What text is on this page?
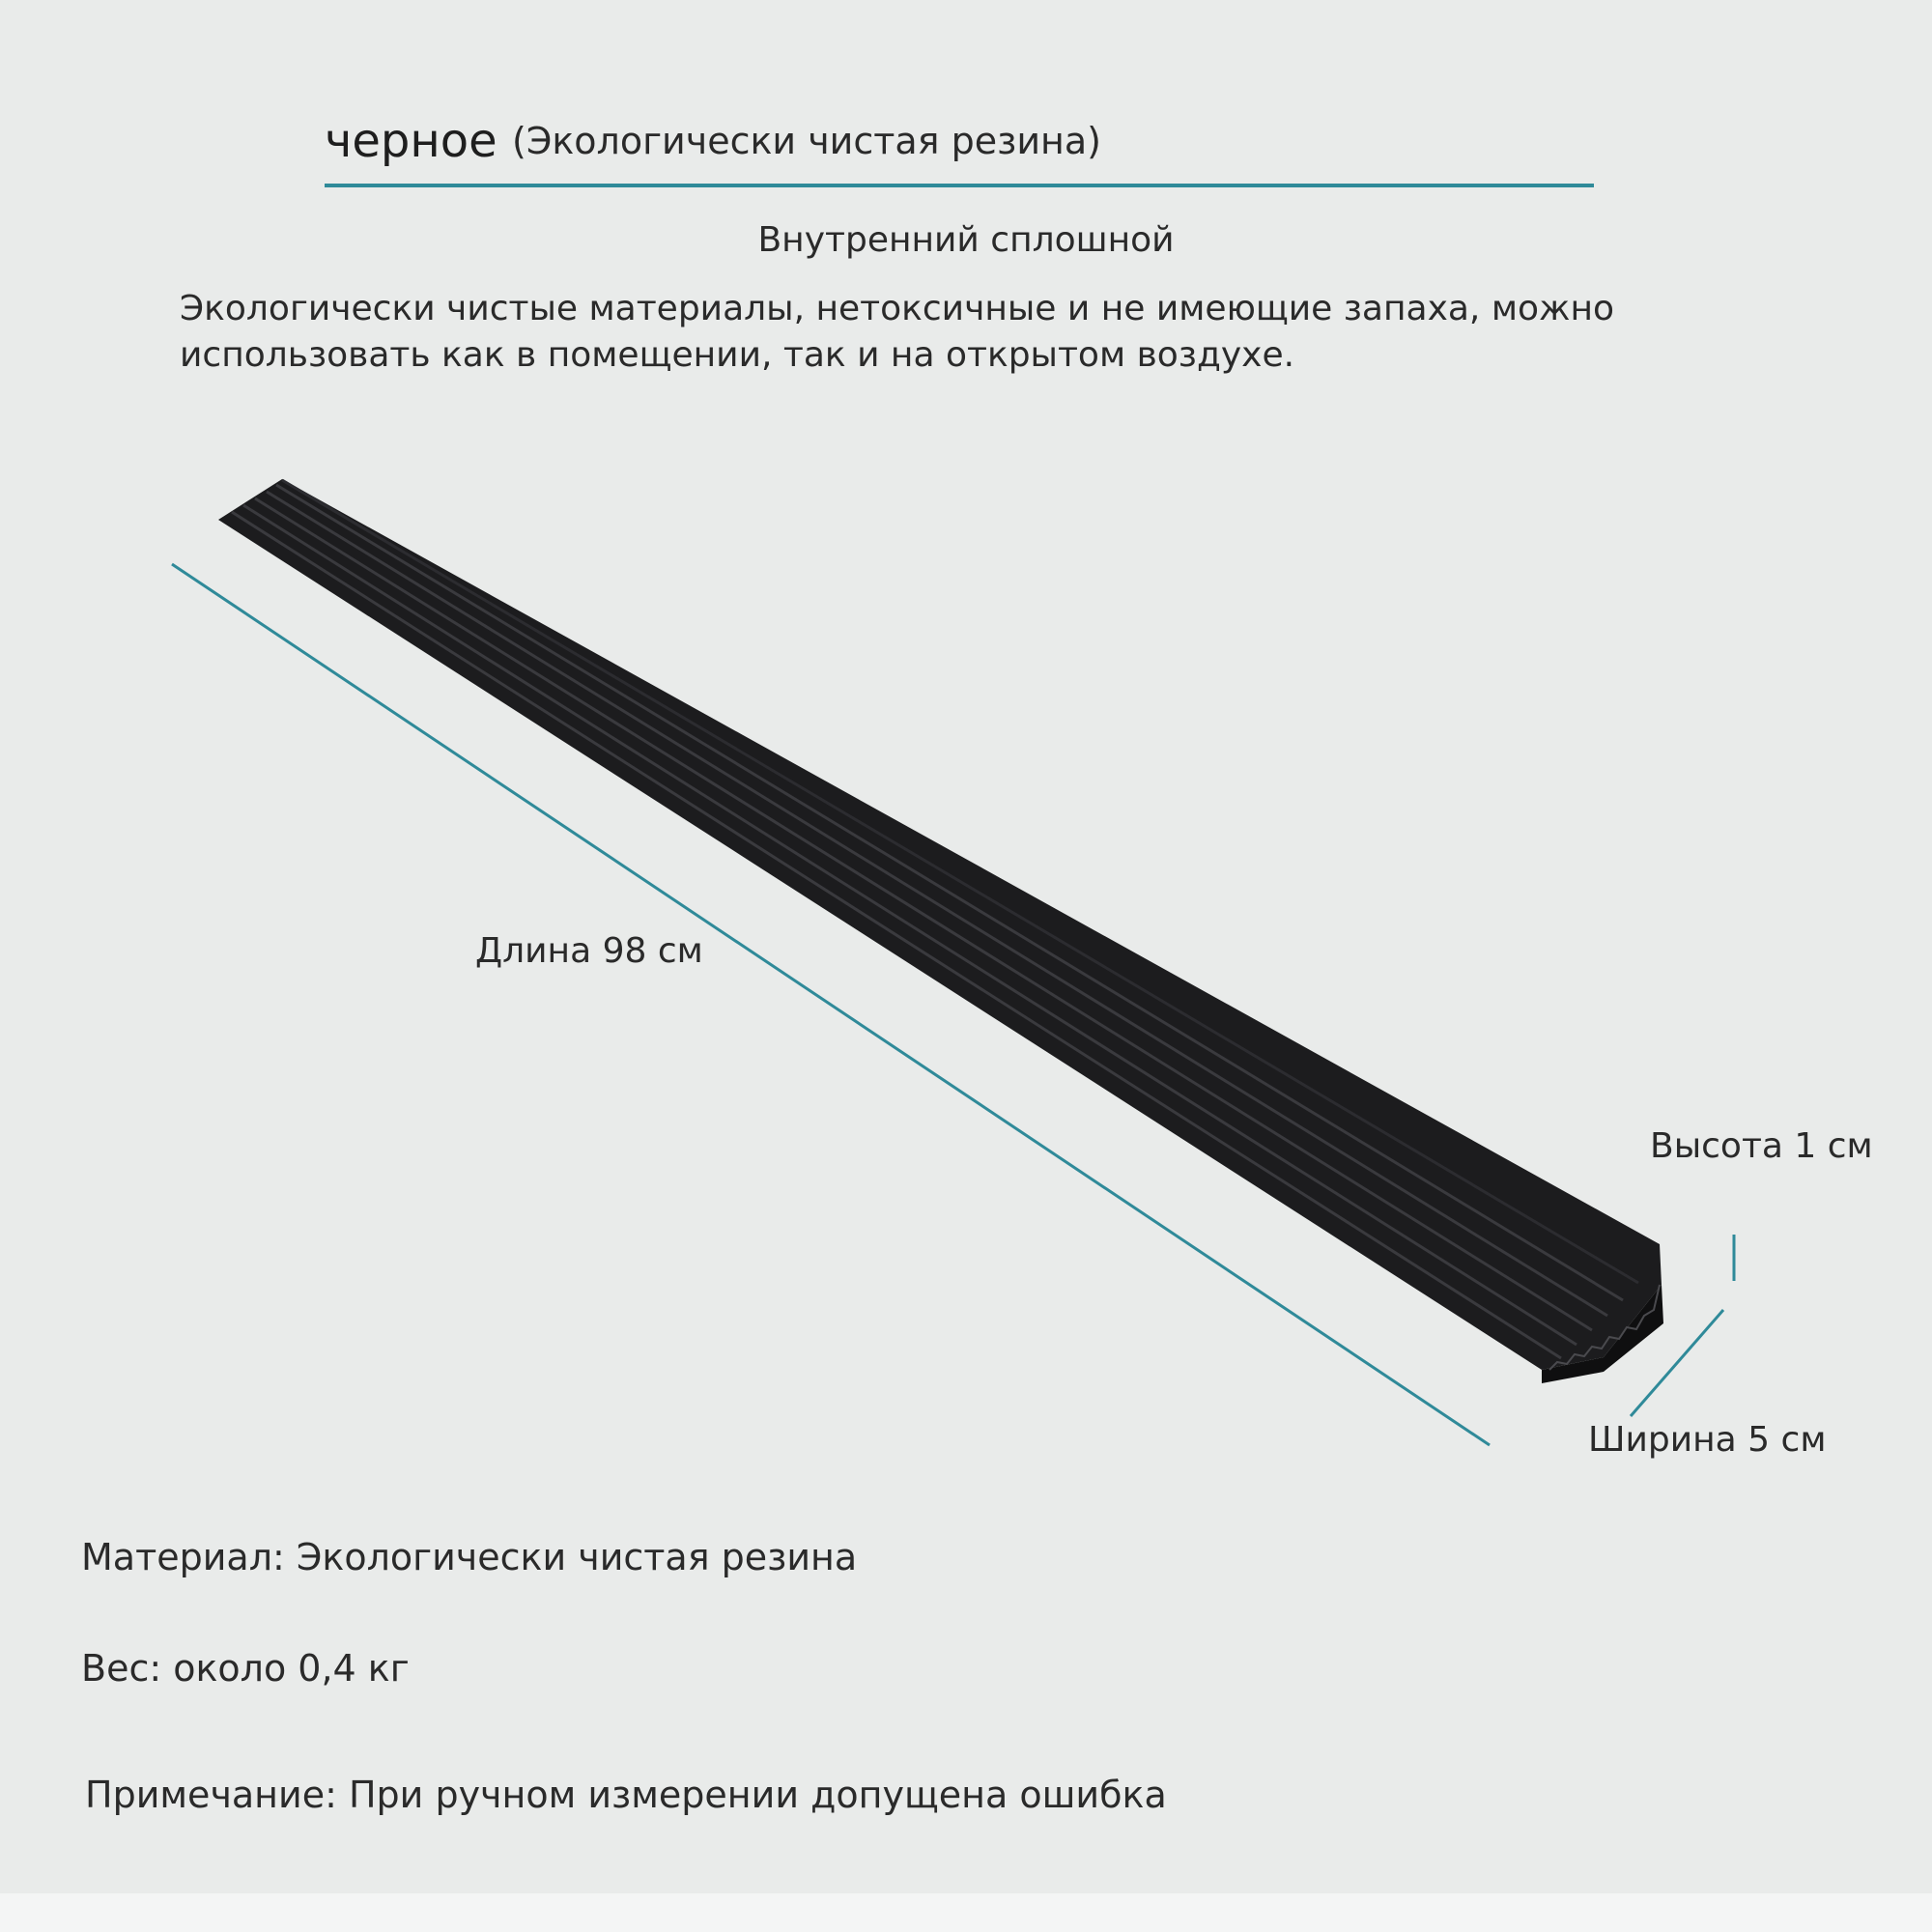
черное (Экологически чистая резина)
Внутренний сплошной
Экологически чистые материалы, нетоксичные и не имеющие запаха, можно использовать как в помещении, так и на открытом воздухе.
Длина 98 см
Высота 1 см
Ширина 5 см
Материал: Экологически чистая резина
Вес: около 0,4 кг
Примечание: При ручном измерении допущена ошибка
